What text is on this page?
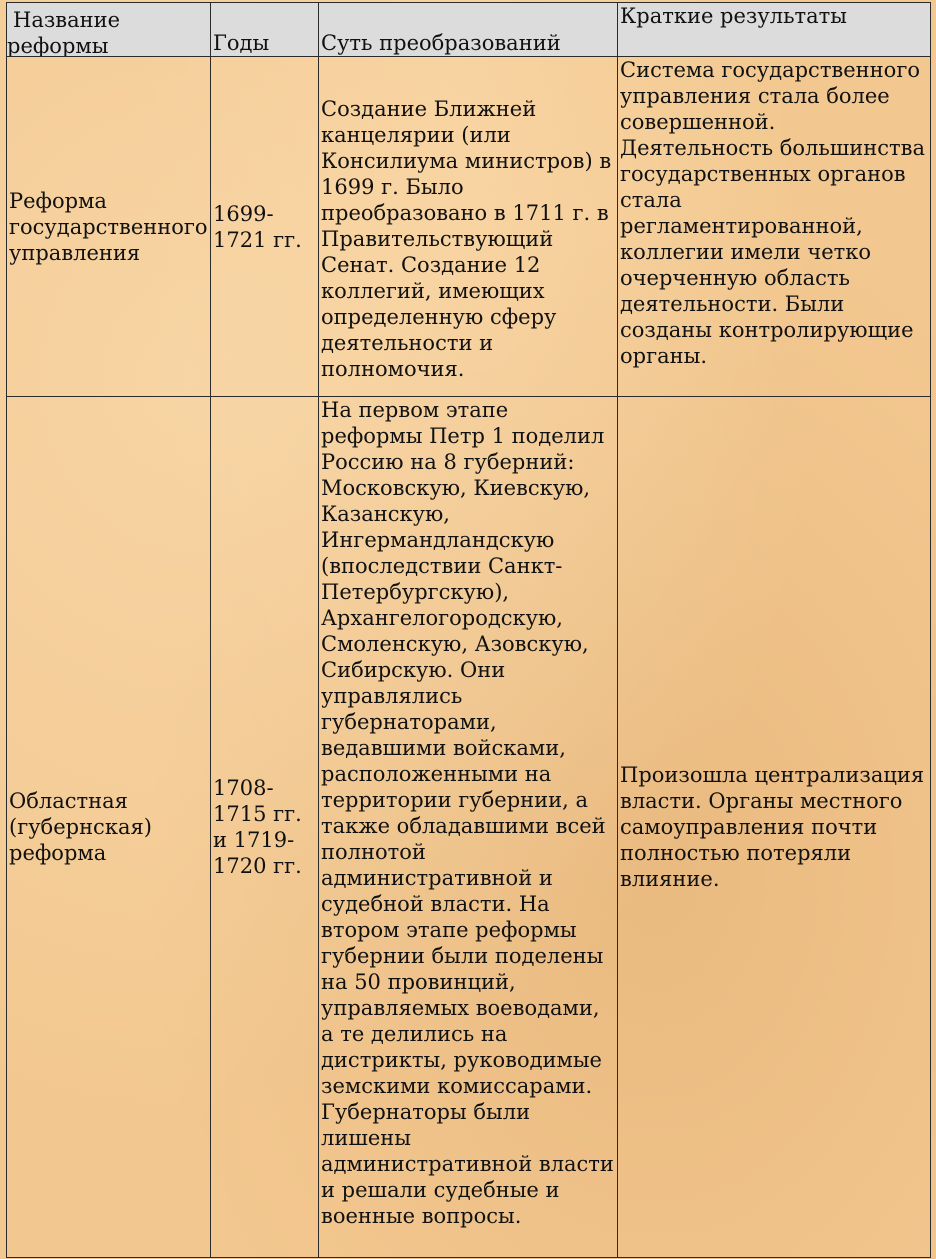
Название
реформы	Годы	Суть преобразований
Краткие результаты
Реформа государственного управления
1699-1721 гг.
Создание Ближней канцелярии (или Консилиума министров) в 1699 г. Было преобразовано в 1711 г. в Правительствующий Сенат. Создание 12 коллегий, имеющих определенную сферу деятельности и полномочия.
Система государственного управления стала более совершенной. Деятельность большинства государственных органов стала регламентированной, коллегии имели четко очерченную область деятельности. Были созданы контролирующие органы.
Областная (губернская) реформа
1708-1715 гг. и 1719-1720 гг.
На первом этапе реформы Петр 1 поделил Россию на 8 губерний: Московскую, Киевскую, Казанскую, Ингермандландскую (впоследствии Санкт-Петербургскую), Архангелогородскую, Смоленскую, Азовскую, Сибирскую. Они управлялись губернаторами, ведавшими войсками, расположенными на территории губернии, а также обладавшими всей полнотой административной и судебной власти. На втором этапе реформы губернии были поделены на 50 провинций, управляемых воеводами, а те делились на дистрикты, руководимые земскими комиссарами. Губернаторы были лишены административной власти и решали судебные и военные вопросы.
Произошла централизация власти. Органы местного самоуправления почти полностью потеряли влияние.
